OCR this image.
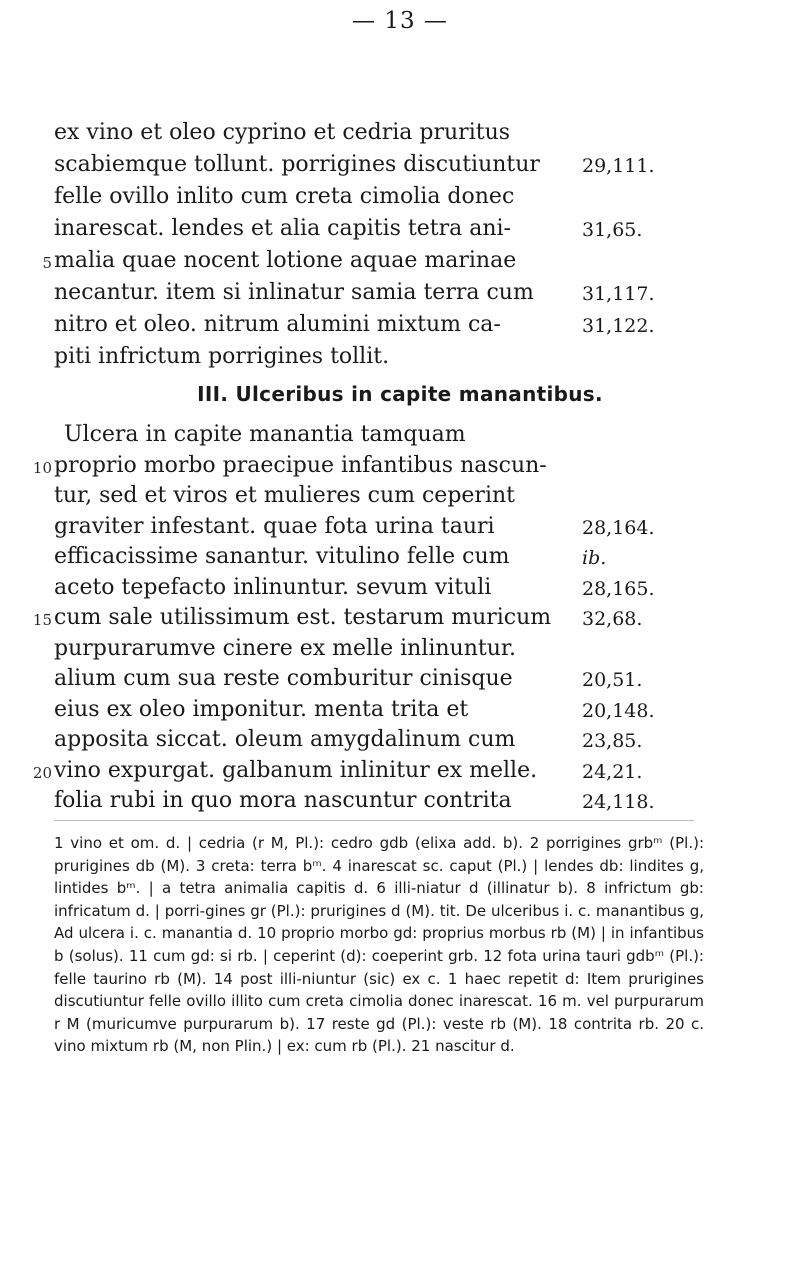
— 13 —
ex vino et oleo cyprino et cedria pruritus
scabiemque tollunt. porrigines discutiuntur	29,111.
felle ovillo inlito cum creta cimolia donec
inarescat. lendes et alia capitis tetra ani-	31,65.
5 malia quae nocent lotione aquae marinae
necantur. item si inlinatur samia terra cum	31,117.
nitro et oleo. nitrum alumini mixtum ca-	31,122.
piti infrictum porrigines tollit.
III. Ulceribus in capite manantibus.
Ulcera in capite manantia tamquam
10 proprio morbo praecipue infantibus nascun-
tur, sed et viros et mulieres cum ceperint
graviter infestant. quae fota urina tauri	28,164.
efficacissime sanantur. vitulino felle cum	ib.
aceto tepefacto inlinuntur. sevum vituli	28,165.
15 cum sale utilissimum est. testarum muricum	32,68.
purpurarumve cinere ex melle inlinuntur.
alium cum sua reste comburitur cinisque	20,51.
eius ex oleo imponitur. menta trita et	20,148.
apposita siccat. oleum amygdalinum cum	23,85.
20 vino expurgat. galbanum inlinitur ex melle.	24,21.
folia rubi in quo mora nascuntur contrita	24,118.

1 vino et om. d. | cedria (r M, Pl.): cedro gdb (elixa add. b). 2 porrigines grbᵐ (Pl.): prurigines db (M). 3 creta: terra bᵐ. 4 inarescat sc. caput (Pl.) | lendes db: lindites g, lintides bᵐ. | a tetra animalia capitis d. 6 illi-niatur d (illinatur b). 8 infrictum gb: infricatum d. | porri-gines gr (Pl.): prurigines d (M). tit. De ulceribus i. c. manantibus g, Ad ulcera i. c. manantia d. 10 proprio morbo gd: proprius morbus rb (M) | in infantibus b (solus). 11 cum gd: si rb. | ceperint (d): coeperint grb. 12 fota urina tauri gdbᵐ (Pl.): felle taurino rb (M). 14 post illi-niuntur (sic) ex c. 1 haec repetit d: Item prurigines discutiuntur felle ovillo illito cum creta cimolia donec inarescat. 16 m. vel purpurarum r M (muricumve purpurarum b). 17 reste gd (Pl.): veste rb (M). 18 contrita rb. 20 c. vino mixtum rb (M, non Plin.) | ex: cum rb (Pl.). 21 nascitur d.
